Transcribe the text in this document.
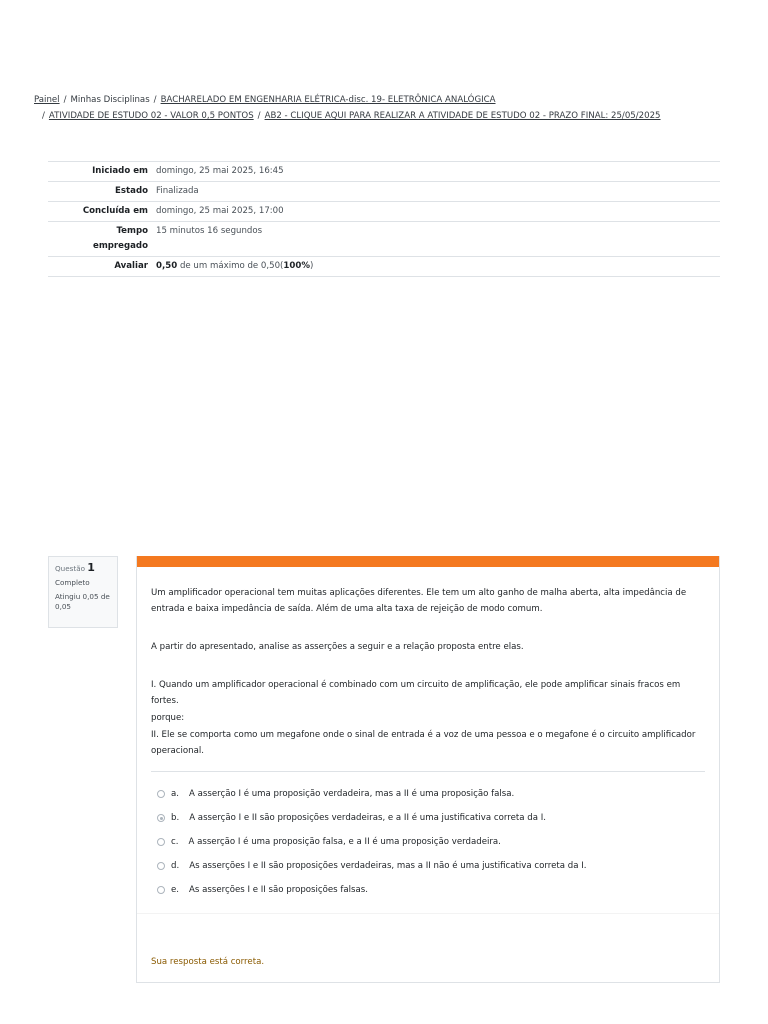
Painel / Minhas Disciplinas / BACHARELADO EM ENGENHARIA ELÉTRICA-disc. 19- ELETRÔNICA ANALÓGICA
/ ATIVIDADE DE ESTUDO 02 - VALOR 0,5 PONTOS / AB2 - CLIQUE AQUI PARA REALIZAR A ATIVIDADE DE ESTUDO 02 - PRAZO FINAL: 25/05/2025
Iniciado em	domingo, 25 mai 2025, 16:45
Estado	Finalizada
Concluída em	domingo, 25 mai 2025, 17:00
Tempo
empregado	15 minutos 16 segundos
Avaliar	0,50 de um máximo de 0,50(100%)
Questão 1
Completo
Atingiu 0,05 de 0,05

Um amplificador operacional tem muitas aplicações diferentes. Ele tem um alto ganho de malha aberta, alta impedância de entrada e baixa impedância de saída. Além de uma alta taxa de rejeição de modo comum.

A partir do apresentado, analise as asserções a seguir e a relação proposta entre elas.

I. Quando um amplificador operacional é combinado com um circuito de amplificação, ele pode amplificar sinais fracos em fortes.

porque:

II. Ele se comporta como um megafone onde o sinal de entrada é a voz de uma pessoa e o megafone é o circuito amplificador operacional.

a. A asserção I é uma proposição verdadeira, mas a II é uma proposição falsa.
b. A asserção I e II são proposições verdadeiras, e a II é uma justificativa correta da I.
c. A asserção I é uma proposição falsa, e a II é uma proposição verdadeira.
d. As asserções I e II são proposições verdadeiras, mas a II não é uma justificativa correta da I.
e. As asserções I e II são proposições falsas.
Sua resposta está correta.
